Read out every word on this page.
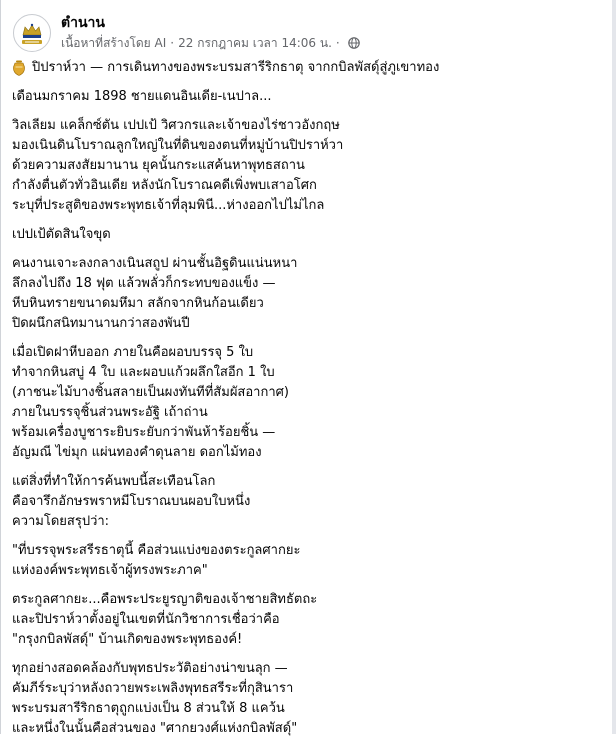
ตำนาน
เนื้อหาที่สร้างโดย AI · 22 กรกฎาคม เวลา 14:06 น. ·

ปิปราห์วา — การเดินทางของพระบรมสารีริกธาตุ จากกบิลพัสดุ์สู่ภูเขาทอง

เดือนมกราคม 1898 ชายแดนอินเดีย-เนปาล...

วิลเลียม แคล็กซ์ตัน เปปเป้ วิศวกรและเจ้าของไร่ชาวอังกฤษ
มองเนินดินโบราณลูกใหญ่ในที่ดินของตนที่หมู่บ้านปิปราห์วา
ด้วยความสงสัยมานาน ยุคนั้นกระแสค้นหาพุทธสถาน
กำลังตื่นตัวทั่วอินเดีย หลังนักโบราณคดีเพิ่งพบเสาอโศก
ระบุที่ประสูติของพระพุทธเจ้าที่ลุมพินี...ห่างออกไปไม่ไกล

เปปเป้ตัดสินใจขุด

คนงานเจาะลงกลางเนินสถูป ผ่านชั้นอิฐดินแน่นหนา
ลึกลงไปถึง 18 ฟุต แล้วพลั่วก็กระทบของแข็ง —
หีบหินทรายขนาดมหึมา สลักจากหินก้อนเดียว
ปิดผนึกสนิทมานานกว่าสองพันปี

เมื่อเปิดฝาหีบออก ภายในคือผอบบรรจุ 5 ใบ
ทำจากหินสบู่ 4 ใบ และผอบแก้วผลึกใสอีก 1 ใบ
(ภาชนะไม้บางชิ้นสลายเป็นผงทันทีที่สัมผัสอากาศ)
ภายในบรรจุชิ้นส่วนพระอัฐิ เถ้าถ่าน
พร้อมเครื่องบูชาระยิบระยับกว่าพันห้าร้อยชิ้น —
อัญมณี ไข่มุก แผ่นทองคำดุนลาย ดอกไม้ทอง

แต่สิ่งที่ทำให้การค้นพบนี้สะเทือนโลก
คือจารึกอักษรพราหมีโบราณบนผอบใบหนึ่ง
ความโดยสรุปว่า:

"ที่บรรจุพระสรีรธาตุนี้ คือส่วนแบ่งของตระกูลศากยะ
แห่งองค์พระพุทธเจ้าผู้ทรงพระภาค"

ตระกูลศากยะ...คือพระประยูรญาติของเจ้าชายสิทธัตถะ
และปิปราห์วาตั้งอยู่ในเขตที่นักวิชาการเชื่อว่าคือ
"กรุงกบิลพัสดุ์" บ้านเกิดของพระพุทธองค์!

ทุกอย่างสอดคล้องกับพุทธประวัติอย่างน่าขนลุก —
คัมภีร์ระบุว่าหลังถวายพระเพลิงพุทธสรีระที่กุสินารา
พระบรมสารีริกธาตุถูกแบ่งเป็น 8 ส่วนให้ 8 แคว้น
และหนึ่งในนั้นคือส่วนของ "ศากยวงศ์แห่งกบิลพัสดุ์"
